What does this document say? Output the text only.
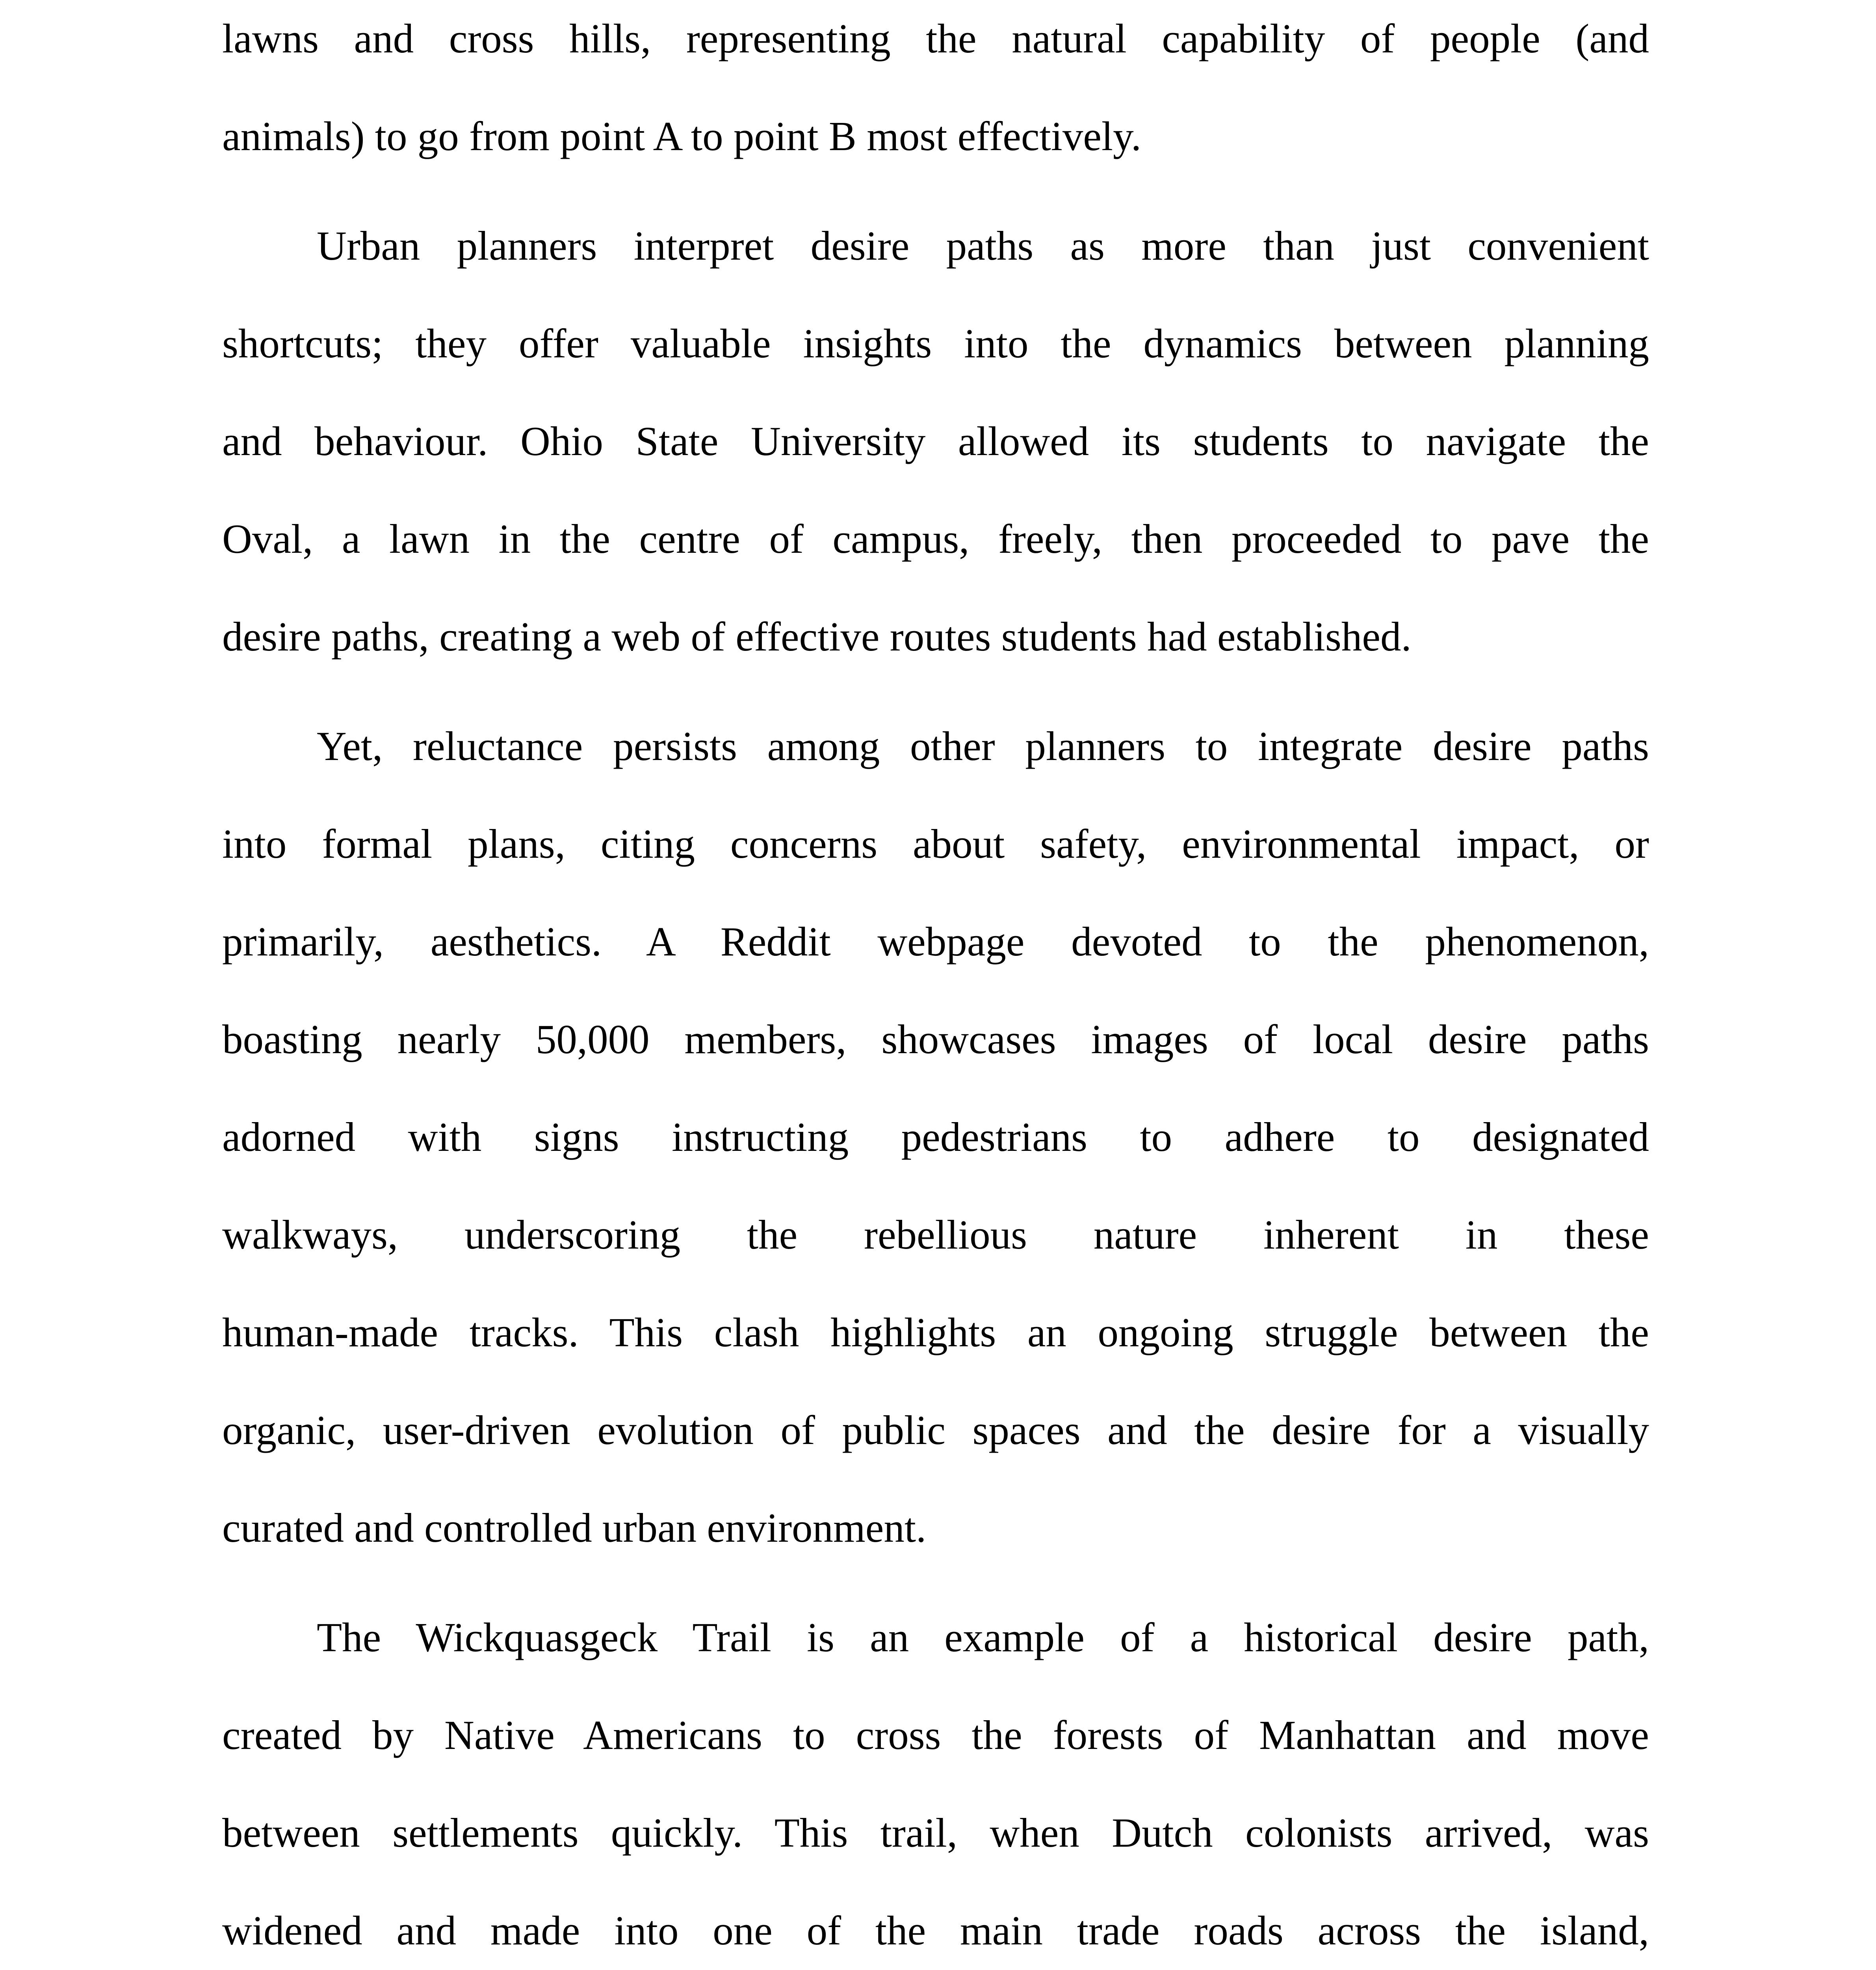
lawns and cross hills, representing the natural capability of people (and
animals) to go from point A to point B most effectively.
Urban planners interpret desire paths as more than just convenient
shortcuts; they offer valuable insights into the dynamics between planning
and behaviour. Ohio State University allowed its students to navigate the
Oval, a lawn in the centre of campus, freely, then proceeded to pave the
desire paths, creating a web of effective routes students had established.
Yet, reluctance persists among other planners to integrate desire paths
into formal plans, citing concerns about safety, environmental impact, or
primarily, aesthetics. A Reddit webpage devoted to the phenomenon,
boasting nearly 50,000 members, showcases images of local desire paths
adorned with signs instructing pedestrians to adhere to designated
walkways, underscoring the rebellious nature inherent in these
human-made tracks. This clash highlights an ongoing struggle between the
organic, user-driven evolution of public spaces and the desire for a visually
curated and controlled urban environment.
The Wickquasgeck Trail is an example of a historical desire path,
created by Native Americans to cross the forests of Manhattan and move
between settlements quickly. This trail, when Dutch colonists arrived, was
widened and made into one of the main trade roads across the island,
